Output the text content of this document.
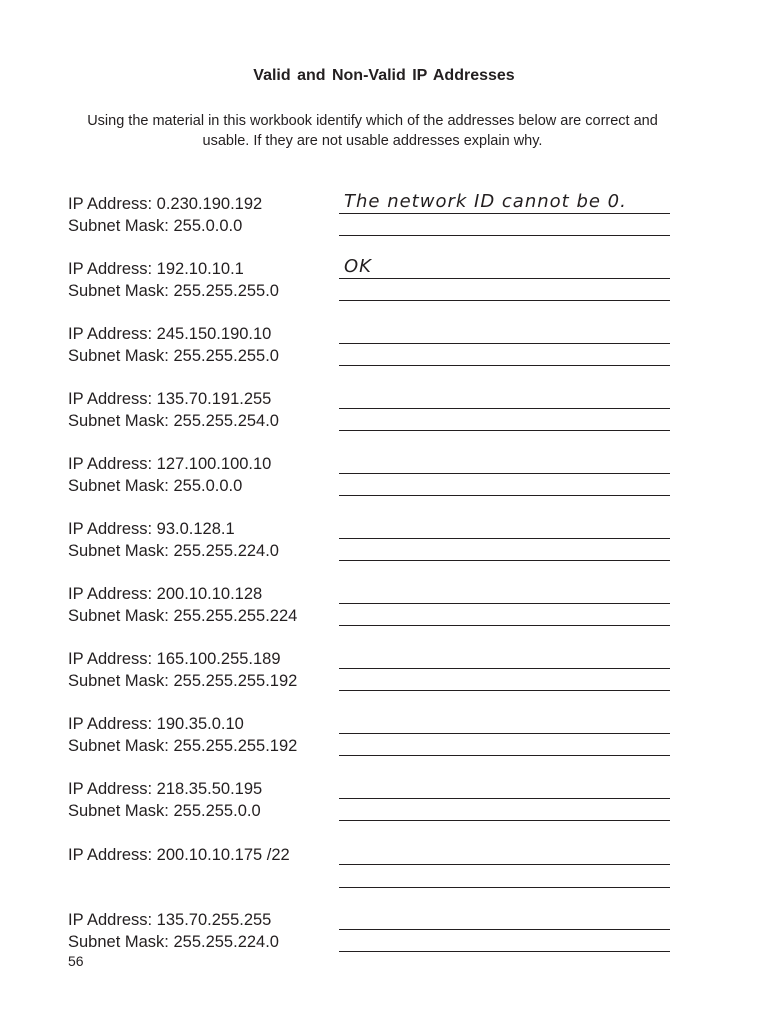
Valid and Non-Valid IP Addresses
Using the material in this workbook identify which of the addresses below are correct and usable. If they are not usable addresses explain why.
IP Address: 0.230.190.192
Subnet Mask: 255.0.0.0
The network ID cannot be 0.
IP Address: 192.10.10.1
Subnet Mask: 255.255.255.0
OK
IP Address: 245.150.190.10
Subnet Mask: 255.255.255.0
IP Address: 135.70.191.255
Subnet Mask: 255.255.254.0
IP Address: 127.100.100.10
Subnet Mask: 255.0.0.0
IP Address: 93.0.128.1
Subnet Mask: 255.255.224.0
IP Address: 200.10.10.128
Subnet Mask: 255.255.255.224
IP Address: 165.100.255.189
Subnet Mask: 255.255.255.192
IP Address: 190.35.0.10
Subnet Mask: 255.255.255.192
IP Address: 218.35.50.195
Subnet Mask: 255.255.0.0
IP Address: 200.10.10.175 /22
IP Address: 135.70.255.255
Subnet Mask: 255.255.224.0
56
